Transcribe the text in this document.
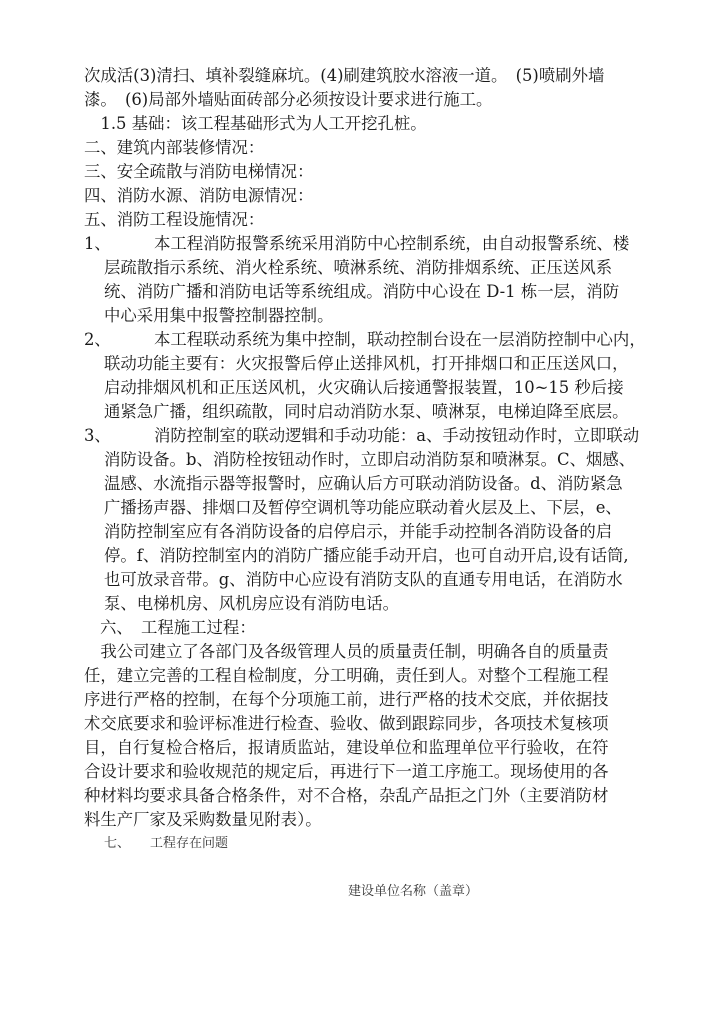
次成活(3)清扫、填补裂缝麻坑。(4)刷建筑胶水溶液一道。　(5)喷刷外墙
漆。　(6)局部外墙贴面砖部分必须按设计要求进行施工。
　1.5 基础：该工程基础形式为人工开挖孔桩。
二、建筑内部装修情况：
三、安全疏散与消防电梯情况：
四、消防水源、消防电源情况：
五、消防工程设施情况：
1、	本工程消防报警系统采用消防中心控制系统，由自动报警系统、楼
层疏散指示系统、消火栓系统、喷淋系统、消防排烟系统、正压送风系
统、消防广播和消防电话等系统组成。消防中心设在 D-1 栋一层，消防
中心采用集中报警控制器控制。
2、	本工程联动系统为集中控制，联动控制台设在一层消防控制中心内，
联动功能主要有：火灾报警后停止送排风机，打开排烟口和正压送风口，
启动排烟风机和正压送风机，火灾确认后接通警报装置，10~15 秒后接
通紧急广播，组织疏散，同时启动消防水泵、喷淋泵，电梯迫降至底层。
3、	消防控制室的联动逻辑和手动功能：a、手动按钮动作时，立即联动
消防设备。b、消防栓按钮动作时，立即启动消防泵和喷淋泵。C、烟感、
温感、水流指示器等报警时，应确认后方可联动消防设备。d、消防紧急
广播扬声器、排烟口及暂停空调机等功能应联动着火层及上、下层，e、
消防控制室应有各消防设备的启停启示，并能手动控制各消防设备的启
停。f、消防控制室内的消防广播应能手动开启，也可自动开启,设有话筒,
也可放录音带。g、消防中心应设有消防支队的直通专用电话，在消防水
泵、电梯机房、风机房应设有消防电话。
六、　工程施工过程：
　我公司建立了各部门及各级管理人员的质量责任制，明确各自的质量责
任，建立完善的工程自检制度，分工明确，责任到人。对整个工程施工程
序进行严格的控制，在每个分项施工前，进行严格的技术交底，并依据技
术交底要求和验评标准进行检查、验收、做到跟踪同步，各项技术复核项
目，自行复检合格后，报请质监站，建设单位和监理单位平行验收，在符
合设计要求和验收规范的规定后，再进行下一道工序施工。现场使用的各
种材料均要求具备合格条件，对不合格，杂乱产品拒之门外（主要消防材
料生产厂家及采购数量见附表）。
七、 工程存在问题
建设单位名称（盖章）
